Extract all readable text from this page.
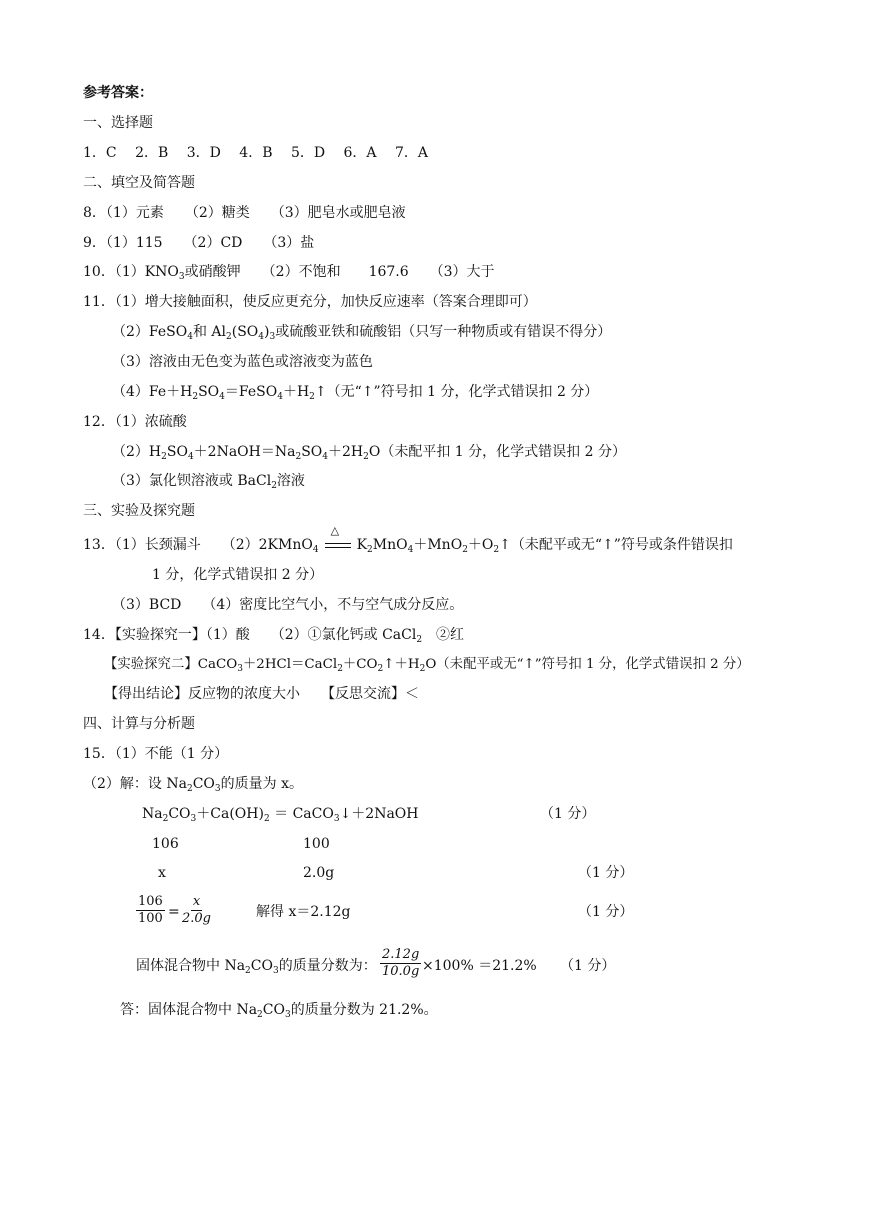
参考答案：
一、选择题
1．C　 2．B　 3．D　 4．B　 5．D　 6．A　 7．A
二、填空及简答题
8．（1）元素　　（2）糖类　　（3）肥皂水或肥皂液
9．（1）115　　（2）CD　　（3）盐
10．$(1)KNO_3$或硝酸钾　　（2）不饱和　　167.6　　（3）大于
11．（1）增大接触面积，使反应更充分，加快反应速率（答案合理即可）
（2）FeSO$_4$和 $Al_2(SO_4)_3$或硫酸亚铁和硫酸铝（只写一种物质或有错误不得分）
（3）溶液由无色变为蓝色或溶液变为蓝色
$(4)Fe+H_2SO_4=FeSO_4+H_2↑$（无“↑”符号扣 1 分，化学式错误扣 2 分）
12．（1）浓硫酸
$(2)H_2SO_4+2NaOH=Na_2SO_4+2H_2O$（未配平扣 1 分，化学式错误扣 2 分）
（3）氯化钡溶液或 BaCl$_2$溶液
三、实验及探究题
13．（1）长颈漏斗　　（2）2KMnO$_4$
△
$K_2MnO_4+MnO_2+O_2↑$（未配平或无“↑”符号或条件错误扣
1 分，化学式错误扣 2 分）
（3）BCD　　（4）密度比空气小，不与空气成分反应。
14．【实验探究一】（1）酸　　（2）①氯化钙或 CaCl$_2$　②红
【实验探究二】$CaCO_3+2HCl=CaCl_2+CO_2↑+H_2O$（未配平或无“↑”符号扣 1 分，化学式错误扣 2 分）
【得出结论】反应物的浓度大小　　【反思交流】＜
四、计算与分析题
15．（1）不能（1 分）
（2）解：设 $Na_2CO_3$的质量为 x。
$Na_2CO_3+Ca(OH)_2$ ＝ CaCO$_3$↓＋2NaOH	（1 分）
106	100
x	2.0g	（1 分）
$\frac{106}{100} = \frac{x}{2.0g}$	解得 x＝2.12g	（1 分）
固体混合物中 $Na_2CO_3$的质量分数为： $\frac{2.12g}{10.0g} \times 100\% =21.2\%$ （1 分）
答：固体混合物中 $Na_2CO_3$的质量分数为 21.2%。
